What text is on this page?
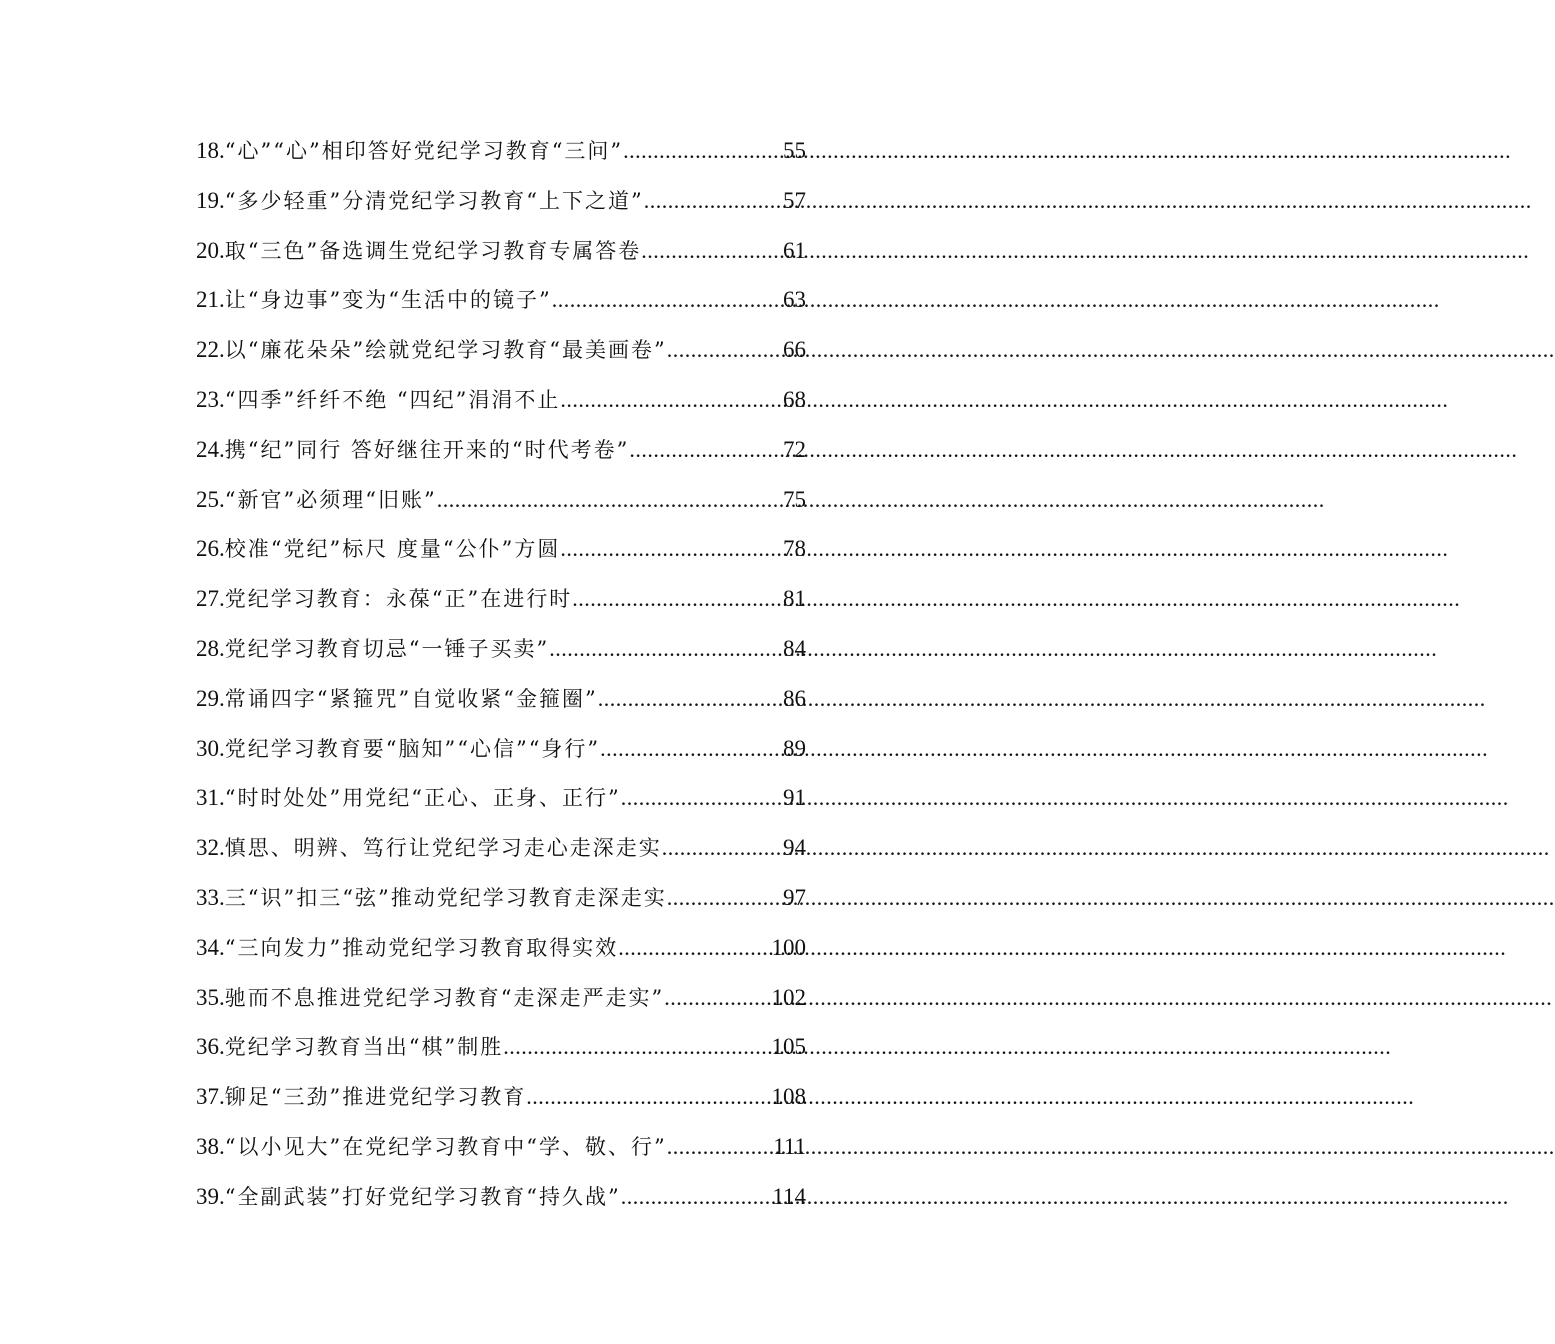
18. “心”“心”相印答好党纪学习教育“三问” .....	55
19. “多少轻重”分清党纪学习教育“上下之道” .....	57
20. 取“三色”备选调生党纪学习教育专属答卷 .....	61
21. 让“身边事”变为“生活中的镜子” .....	63
22. 以“廉花朵朵”绘就党纪学习教育“最美画卷” .....	66
23. “四季”纤纤不绝 “四纪”涓涓不止 .....	68
24. 携“纪”同行 答好继往开来的“时代考卷” .....	72
25. “新官”必须理“旧账” .....	75
26. 校准“党纪”标尺 度量“公仆”方圆 .....	78
27. 党纪学习教育：永葆“正”在进行时 .....	81
28. 党纪学习教育切忌“一锤子买卖” .....	84
29. 常诵四字“紧箍咒”自觉收紧“金箍圈” .....	86
30. 党纪学习教育要“脑知”“心信”“身行” .....	89
31. “时时处处”用党纪“正心、正身、正行” .....	91
32. 慎思、明辨、笃行让党纪学习走心走深走实 .....	94
33. 三“识”扣三“弦”推动党纪学习教育走深走实 .....	97
34. “三向发力”推动党纪学习教育取得实效 .....	100
35. 驰而不息推进党纪学习教育“走深走严走实” .....	102
36. 党纪学习教育当出“棋”制胜 .....	105
37. 铆足“三劲”推进党纪学习教育 .....	108
38. “以小见大”在党纪学习教育中“学、敬、行” .....	111
39. “全副武装”打好党纪学习教育“持久战” .....	114
